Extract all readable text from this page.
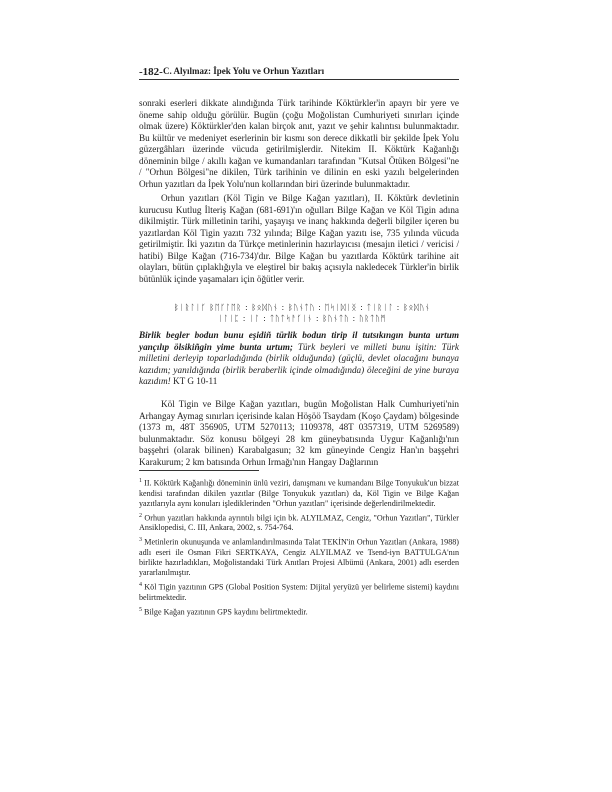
-182- C. Alyılmaz: İpek Yolu ve Orhun Yazıtları

sonraki eserleri dikkate alındığında Türk tarihinde Köktürkler'in apayrı bir yere ve öneme sahip olduğu görülür. Bugün (çoğu Moğolistan Cumhuriyeti sınırları içinde olmak üzere) Köktürkler'den kalan birçok anıt, yazıt ve şehir kalıntısı bulunmaktadır. Bu kültür ve medeniyet eserlerinin bir kısmı son derece dikkatli bir şekilde İpek Yolu güzergâhları üzerinde vücuda getirilmişlerdir. Nitekim II. Köktürk Kağanlığı döneminin bilge / akıllı kağan ve kumandanları tarafından "Kutsal Ötüken Bölgesi"ne / "Orhun Bölgesi"ne dikilen, Türk tarihinin ve dilinin en eski yazılı belgelerinden Orhun yazıtları da İpek Yolu'nun kollarından biri üzerinde bulunmaktadır.

Orhun yazıtları (Köl Tigin ve Bilge Kağan yazıtları), II. Köktürk devletinin kurucusu Kutlug İlteriş Kağan (681-691)'ın oğulları Bilge Kağan ve Köl Tigin adına dikilmiştir. Türk milletinin tarihi, yaşayışı ve inanç hakkında değerli bilgiler içeren bu yazıtlardan Köl Tigin yazıtı 732 yılında; Bilge Kağan yazıtı ise, 735 yılında vücuda getirilmiştir. İki yazıtın da Türkçe metinlerinin hazırlayıcısı (mesajın iletici / vericisi / hatibi) Bilge Kağan (716-734)'dır. Bilge Kağan bu yazıtlarda Köktürk tarihine ait olayları, bütün çıplaklığıyla ve eleştirel bir bakış açısıyla nakledecek Türkler'in birlik bütünlük içinde yaşamaları için öğütler verir.

ᛒᛁᚱᛚᛁᚴ ᛒᛖᚴᛚᛖᚱ : ᛒᛟᛞᚢᚾ : ᛒᚢᚾᛏᚢ : ᛖᛋᛁᛞᛁᛝ : ᛏᛁᚱᛁᛚ : ᛒᛟᛞᚢᚾ
ᛁᛚᛁᛈ : ᛁᛚ : ᛏᚢᛏᛋᚨᚴᛁᚾ : ᛒᚢᚾᛏᚢ : ᚢᚱᛏᚢᛗ
Birlik begler bodun bunu eşidiñ türlik bodun tirip il tutsıkıngın bunta urtum yançılıp ölsikiñgin yime bunta urtum; Türk beyleri ve milleti bunu işitin: Türk milletini derleyip toparladığında (birlik olduğunda) (güçlü, devlet olacağını bunaya kazıdım; yanıldığında (birlik beraberlik içinde olmadığında) öleceğini de yine buraya kazıdım! KT G 10-11

Köl Tigin ve Bilge Kağan yazıtları, bugün Moğolistan Halk Cumhuriyeti'nin Arhangay Aymag sınırları içerisinde kalan Höşöö Tsaydam (Koşo Çaydam) bölgesinde (1373 m, 48T 356905, UTM 5270113; 1109378, 48T 0357319, UTM 5269589) bulunmaktadır. Söz konusu bölgeyi 28 km güneybatısında Uygur Kağanlığı'nın başşehri (olarak bilinen) Karabalgasun; 32 km güneyinde Cengiz Han'ın başşehri Karakurum; 2 km batısında Orhun Irmağı'nın Hangay Dağlarının

$^1$ II. Köktürk Kağanlığı döneminin ünlü veziri, danışmanı ve kumandanı Bilge Tonyukuk'un bizzat kendisi tarafından dikilen yazıtlar (Bilge Tonyukuk yazıtları) da, Köl Tigin ve Bilge Kağan yazıtlarıyla aynı konuları işlediklerinden "Orhun yazıtları" içerisinde değerlendirilmektedir.

$^2$ Orhun yazıtları hakkında ayrıntılı bilgi için bk. ALYILMAZ, Cengiz, "Orhun Yazıtları", Türkler Ansiklopedisi, C. III, Ankara, 2002, s. 754-764.

$^3$ Metinlerin okunuşunda ve anlamlandırılmasında Talat TEKİN'in Orhun Yazıtları (Ankara, 1988) adlı eseri ile Osman Fikri SERTKAYA, Cengiz ALYILMAZ ve Tsend-iyn BATTULGA'nın birlikte hazırladıkları, Moğolistandaki Türk Anıtları Projesi Albümü (Ankara, 2001) adlı eserden yararlanılmıştır.

$^4$ Köl Tigin yazıtının GPS (Global Position System: Dijital yeryüzü yer belirleme sistemi) kaydını belirtmektedir.

$^5$ Bilge Kağan yazıtının GPS kaydını belirtmektedir.
